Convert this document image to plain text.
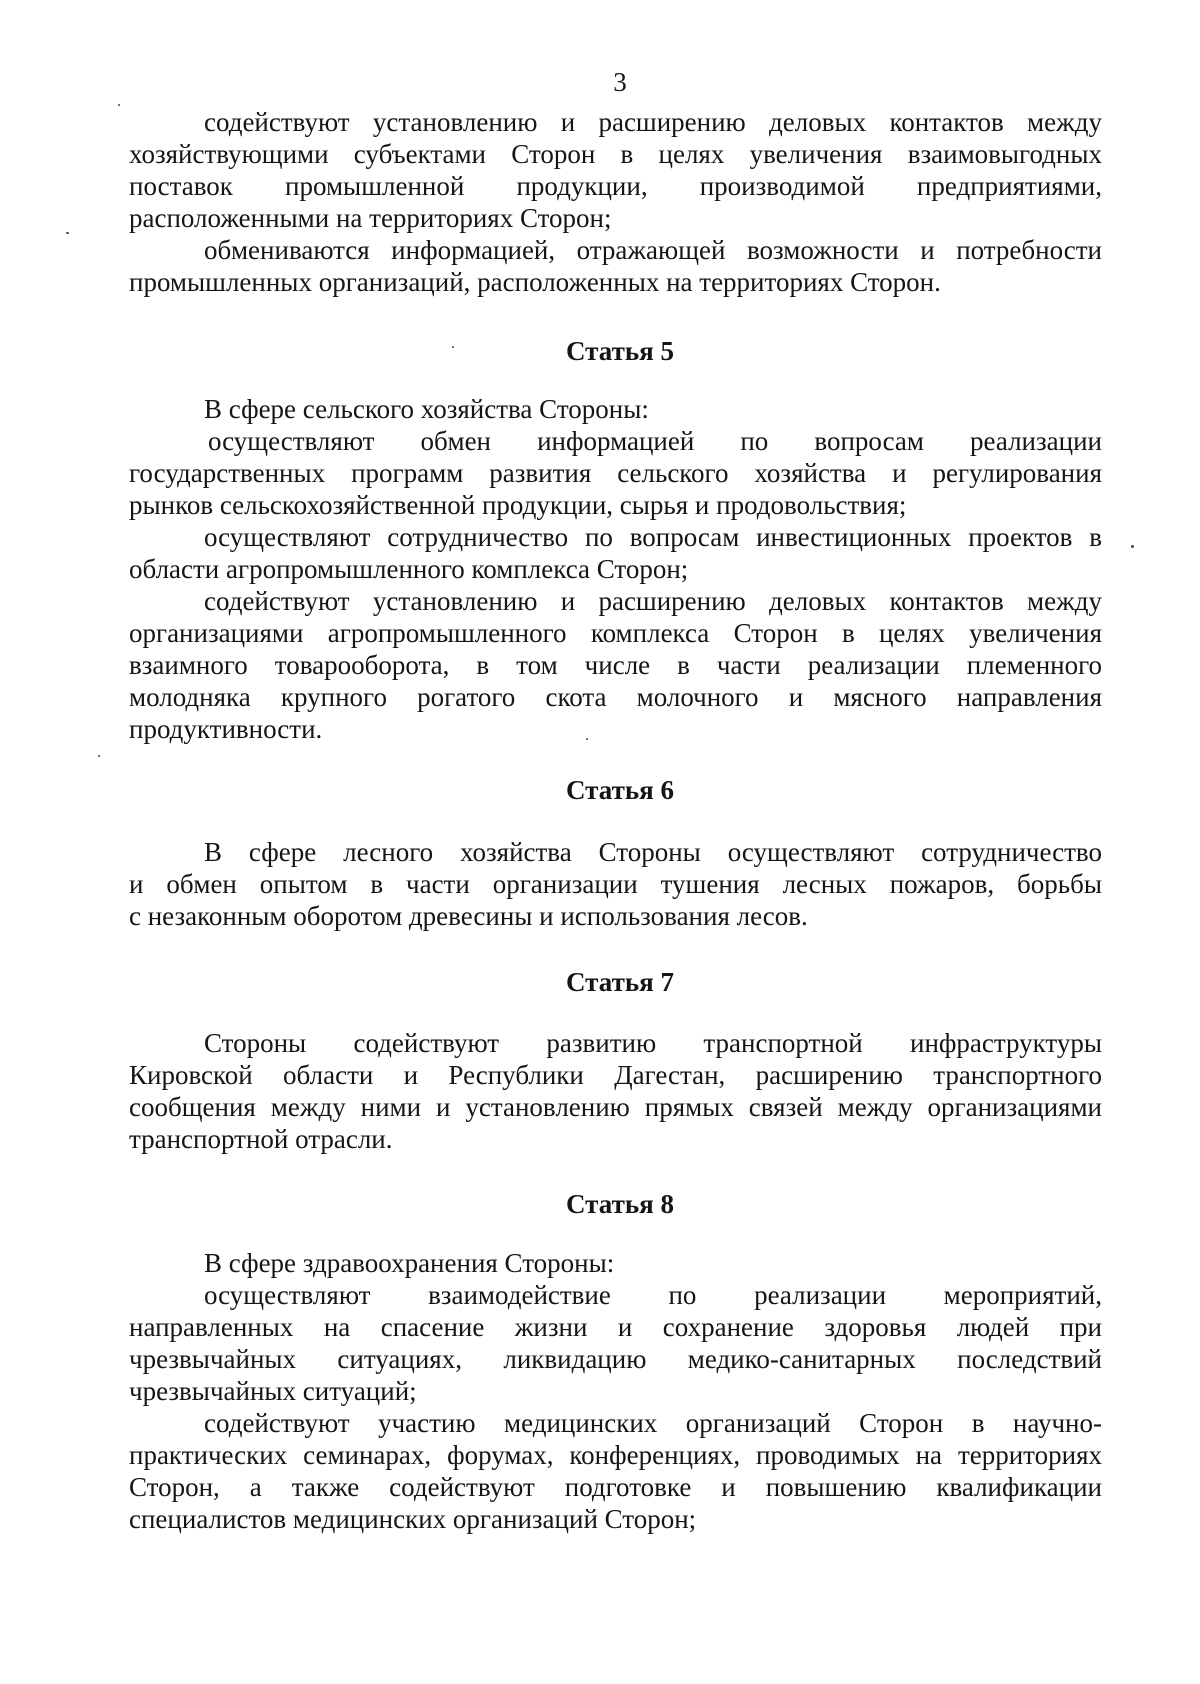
3
содействуют установлению и расширению деловых контактов между
хозяйствующими субъектами Сторон в целях увеличения взаимовыгодных
поставок промышленной продукции, производимой предприятиями,
расположенными на территориях Сторон;
обмениваются информацией, отражающей возможности и потребности
промышленных организаций, расположенных на территориях Сторон.
Статья 5
В сфере сельского хозяйства Стороны:
осуществляют обмен информацией по вопросам реализации
государственных программ развития сельского хозяйства и регулирования
рынков сельскохозяйственной продукции, сырья и продовольствия;
осуществляют сотрудничество по вопросам инвестиционных проектов в
области агропромышленного комплекса Сторон;
содействуют установлению и расширению деловых контактов между
организациями агропромышленного комплекса Сторон в целях увеличения
взаимного товарооборота, в том числе в части реализации племенного
молодняка крупного рогатого скота молочного и мясного направления
продуктивности.
Статья 6
В сфере лесного хозяйства Стороны осуществляют сотрудничество
и обмен опытом в части организации тушения лесных пожаров, борьбы
с незаконным оборотом древесины и использования лесов.
Статья 7
Стороны содействуют развитию транспортной инфраструктуры
Кировской области и Республики Дагестан, расширению транспортного
сообщения между ними и установлению прямых связей между организациями
транспортной отрасли.
Статья 8
В сфере здравоохранения Стороны:
осуществляют взаимодействие по реализации мероприятий,
направленных на спасение жизни и сохранение здоровья людей при
чрезвычайных ситуациях, ликвидацию медико-санитарных последствий
чрезвычайных ситуаций;
содействуют участию медицинских организаций Сторон в научно-
практических семинарах, форумах, конференциях, проводимых на территориях
Сторон, а также содействуют подготовке и повышению квалификации
специалистов медицинских организаций Сторон;
